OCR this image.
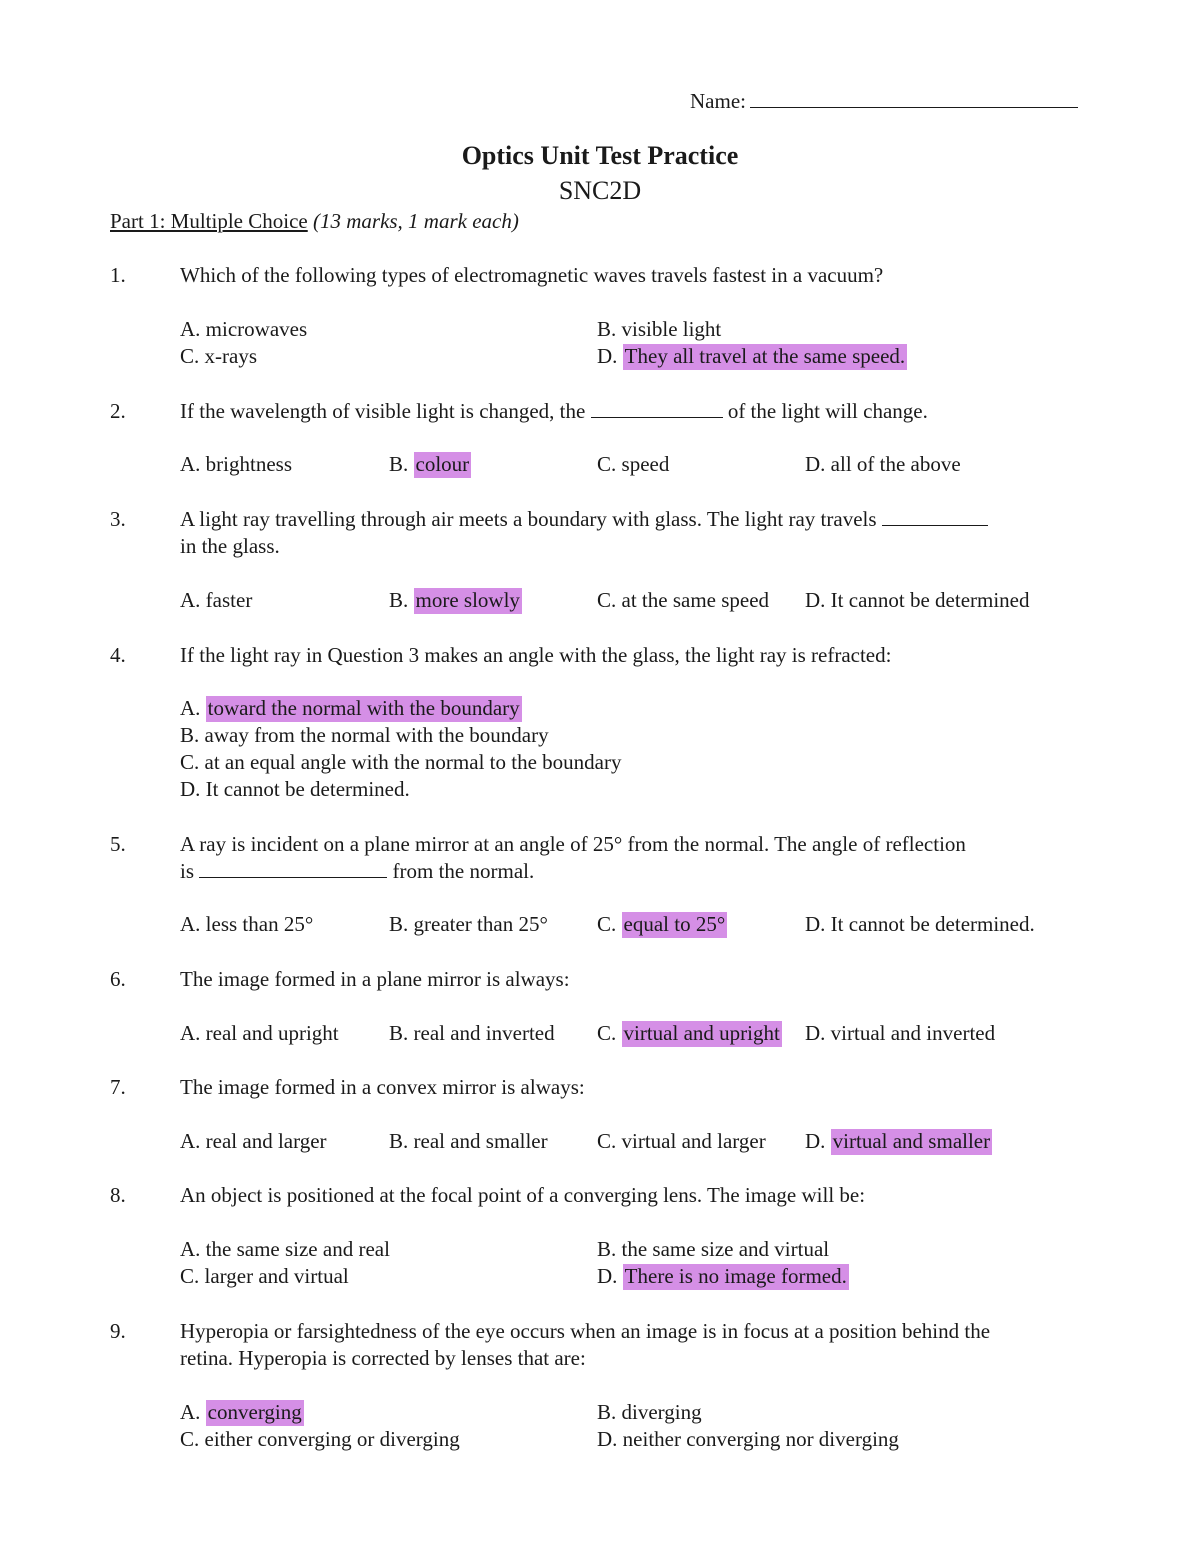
Name:
Optics Unit Test Practice
SNC2D
Part 1: Multiple Choice (13 marks, 1 mark each)
1.	Which of the following types of electromagnetic waves travels fastest in a vacuum?
A. microwaves	B. visible light
C. x-rays	D. They all travel at the same speed.
2.	If the wavelength of visible light is changed, the	of the light will change.
A. brightness	B. colour	C. speed	D. all of the above
3.	A light ray travelling through air meets a boundary with glass. The light ray travels
in the glass.
A. faster	B. more slowly	C. at the same speed D. It cannot be determined
4.	If the light ray in Question 3 makes an angle with the glass, the light ray is refracted:
A. toward the normal with the boundary
B. away from the normal with the boundary
C. at an equal angle with the normal to the boundary
D. It cannot be determined.
5.	A ray is incident on a plane mirror at an angle of 25° from the normal. The angle of reflection
is	from the normal.
A. less than 25°	B. greater than 25° C. equal to 25°	D. It cannot be determined.
6.	The image formed in a plane mirror is always:
A. real and upright B. real and inverted C. virtual and upright D. virtual and inverted
7.	The image formed in a convex mirror is always:
A. real and larger	B. real and smaller C. virtual and larger D. virtual and smaller
8.	An object is positioned at the focal point of a converging lens. The image will be:
A. the same size and real	B. the same size and virtual
C. larger and virtual	D. There is no image formed.
9.	Hyperopia or farsightedness of the eye occurs when an image is in focus at a position behind the
retina. Hyperopia is corrected by lenses that are:
A. converging	B. diverging
C. either converging or diverging	D. neither converging nor diverging
